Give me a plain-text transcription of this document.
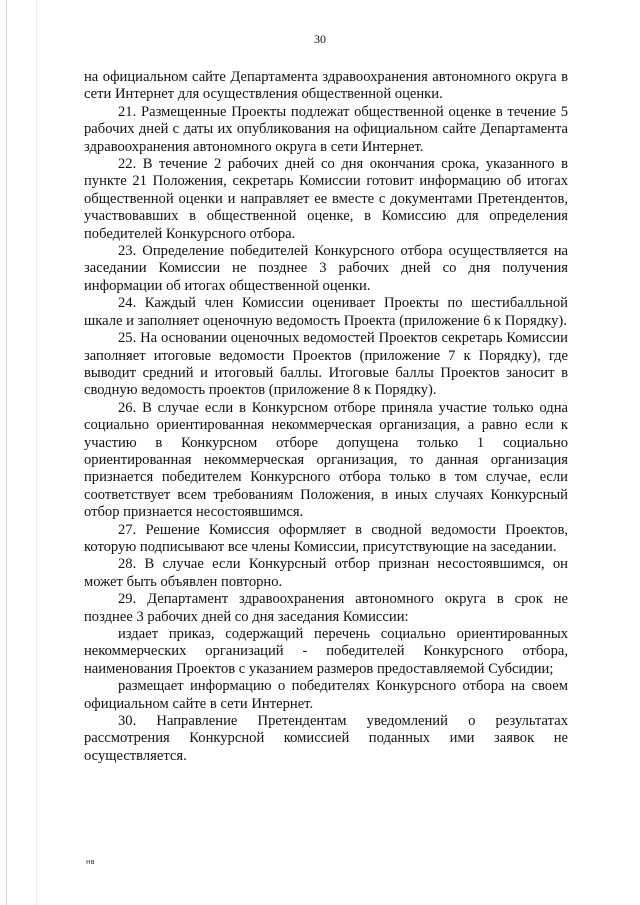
30

на официальном сайте Департамента здравоохранения автономного округа в сети Интернет для осуществления общественной оценки.

21. Размещенные Проекты подлежат общественной оценке в течение 5 рабочих дней с даты их опубликования на официальном сайте Департамента здравоохранения автономного округа в сети Интернет.

22. В течение 2 рабочих дней со дня окончания срока, указанного в пункте 21 Положения, секретарь Комиссии готовит информацию об итогах общественной оценки и направляет ее вместе с документами Претендентов, участвовавших в общественной оценке, в Комиссию для определения победителей Конкурсного отбора.

23. Определение победителей Конкурсного отбора осуществляется на заседании Комиссии не позднее 3 рабочих дней со дня получения информации об итогах общественной оценки.

24. Каждый член Комиссии оценивает Проекты по шестибалльной шкале и заполняет оценочную ведомость Проекта (приложение 6 к Порядку).

25. На основании оценочных ведомостей Проектов секретарь Комиссии заполняет итоговые ведомости Проектов (приложение 7 к Порядку), где выводит средний и итоговый баллы. Итоговые баллы Проектов заносит в сводную ведомость проектов (приложение 8 к Порядку).

26. В случае если в Конкурсном отборе приняла участие только одна социально ориентированная некоммерческая организация, а равно если к участию в Конкурсном отборе допущена только 1 социально ориентированная некоммерческая организация, то данная организация признается победителем Конкурсного отбора только в том случае, если соответствует всем требованиям Положения, в иных случаях Конкурсный отбор признается несостоявшимся.

27. Решение Комиссия оформляет в сводной ведомости Проектов, которую подписывают все члены Комиссии, присутствующие на заседании.

28. В случае если Конкурсный отбор признан несостоявшимся, он может быть объявлен повторно.

29. Департамент здравоохранения автономного округа в срок не позднее 3 рабочих дней со дня заседания Комиссии:

издает приказ, содержащий перечень социально ориентированных некоммерческих организаций - победителей Конкурсного отбора, наименования Проектов с указанием размеров предоставляемой Субсидии;

размещает информацию о победителях Конкурсного отбора на своем официальном сайте в сети Интернет.

30. Направление Претендентам уведомлений о результатах рассмотрения Конкурсной комиссией поданных ими заявок не осуществляется.

нв
